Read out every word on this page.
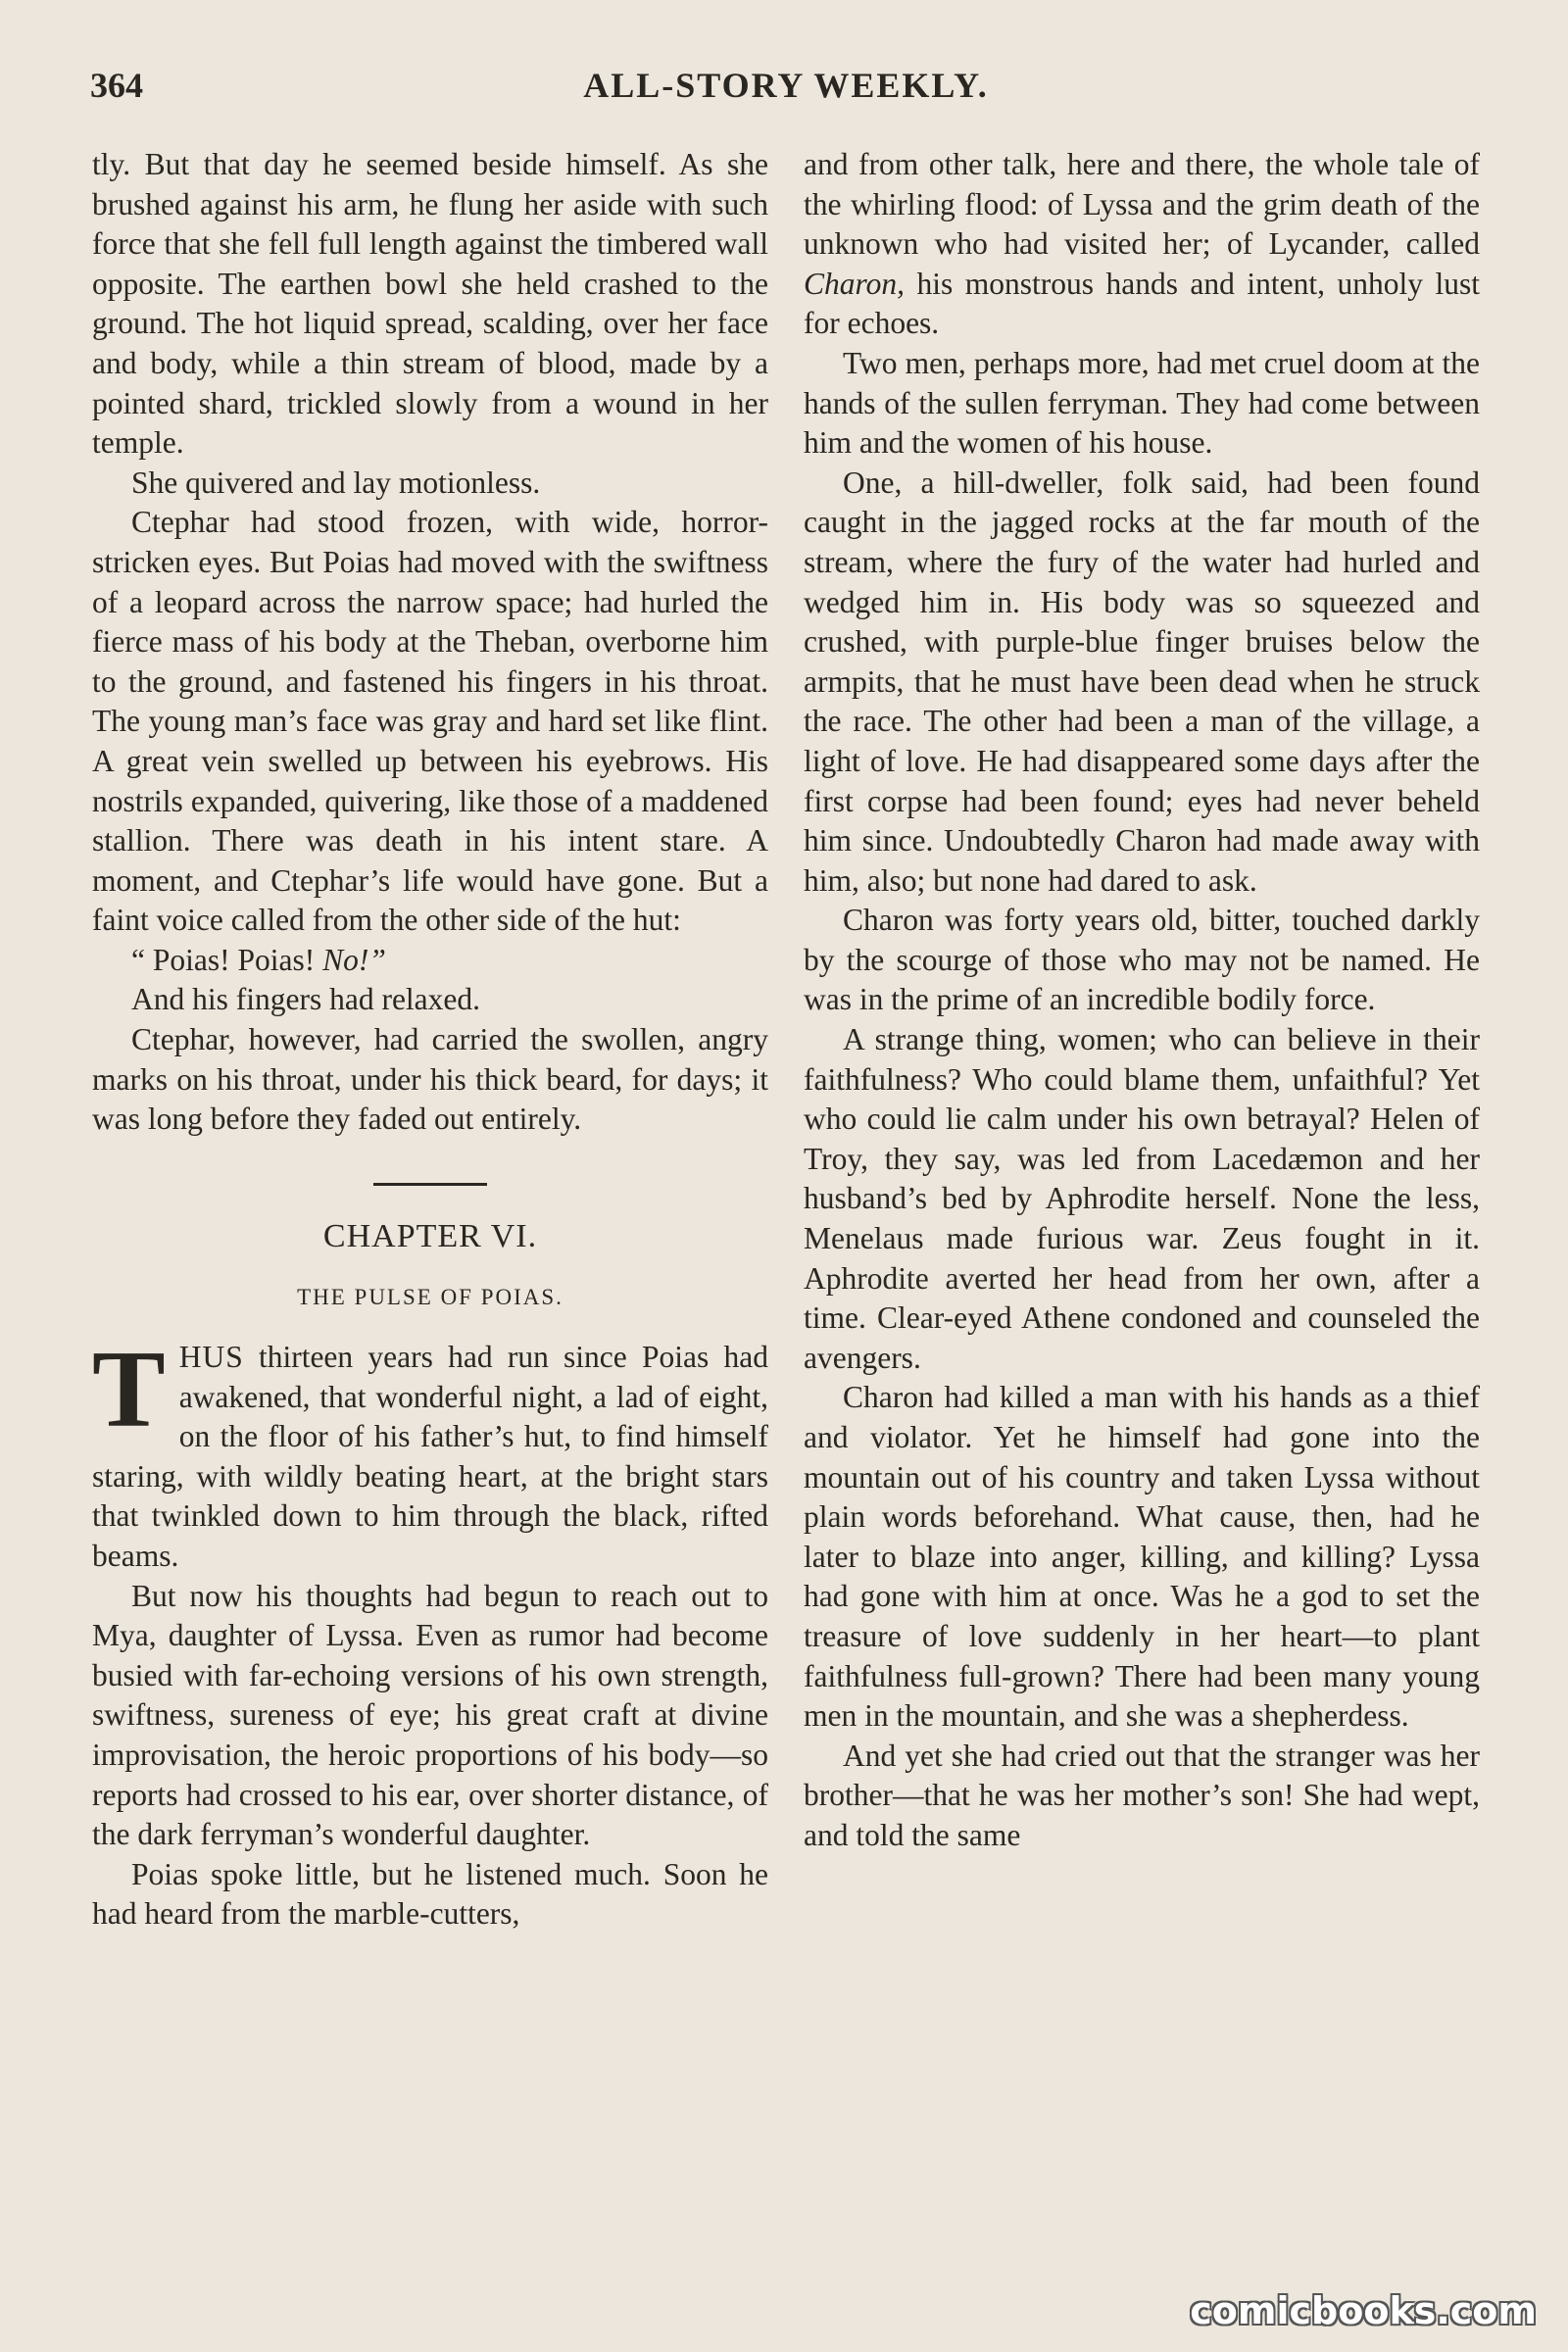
364	ALL-STORY WEEKLY.

tly. But that day he seemed beside himself. As she brushed against his arm, he flung her aside with such force that she fell full length against the timbered wall opposite. The earthen bowl she held crashed to the ground. The hot liquid spread, scalding, over her face and body, while a thin stream of blood, made by a pointed shard, trickled slowly from a wound in her temple.

She quivered and lay motionless.

Ctephar had stood frozen, with wide, horror-stricken eyes. But Poias had moved with the swiftness of a leopard across the narrow space; had hurled the fierce mass of his body at the Theban, overborne him to the ground, and fastened his fingers in his throat. The young man’s face was gray and hard set like flint. A great vein swelled up between his eyebrows. His nostrils expanded, quivering, like those of a maddened stallion. There was death in his intent stare. A moment, and Ctephar’s life would have gone. But a faint voice called from the other side of the hut:

“ Poias! Poias! No!”

And his fingers had relaxed.

Ctephar, however, had carried the swollen, angry marks on his throat, under his thick beard, for days; it was long before they faded out entirely.

CHAPTER VI.
THE PULSE OF POIAS.

THUS thirteen years had run since Poias had awakened, that wonderful night, a lad of eight, on the floor of his father’s hut, to find himself staring, with wildly beating heart, at the bright stars that twinkled down to him through the black, rifted beams.

But now his thoughts had begun to reach out to Mya, daughter of Lyssa. Even as rumor had become busied with far-echoing versions of his own strength, swiftness, sureness of eye; his great craft at divine improvisation, the heroic proportions of his body—so reports had crossed to his ear, over shorter distance, of the dark ferryman’s wonderful daughter.

Poias spoke little, but he listened much. Soon he had heard from the marble-cutters,

and from other talk, here and there, the whole tale of the whirling flood: of Lyssa and the grim death of the unknown who had visited her; of Lycander, called Charon, his monstrous hands and intent, unholy lust for echoes.

Two men, perhaps more, had met cruel doom at the hands of the sullen ferryman. They had come between him and the women of his house.

One, a hill-dweller, folk said, had been found caught in the jagged rocks at the far mouth of the stream, where the fury of the water had hurled and wedged him in. His body was so squeezed and crushed, with purple-blue finger bruises below the armpits, that he must have been dead when he struck the race. The other had been a man of the village, a light of love. He had disappeared some days after the first corpse had been found; eyes had never beheld him since. Undoubtedly Charon had made away with him, also; but none had dared to ask.

Charon was forty years old, bitter, touched darkly by the scourge of those who may not be named. He was in the prime of an incredible bodily force.

A strange thing, women; who can believe in their faithfulness? Who could blame them, unfaithful? Yet who could lie calm under his own betrayal? Helen of Troy, they say, was led from Lacedæmon and her husband’s bed by Aphrodite herself. None the less, Menelaus made furious war. Zeus fought in it. Aphrodite averted her head from her own, after a time. Clear-eyed Athene condoned and counseled the avengers.

Charon had killed a man with his hands as a thief and violator. Yet he himself had gone into the mountain out of his country and taken Lyssa without plain words beforehand. What cause, then, had he later to blaze into anger, killing, and killing? Lyssa had gone with him at once. Was he a god to set the treasure of love suddenly in her heart—to plant faithfulness full-grown? There had been many young men in the mountain, and she was a shepherdess.

And yet she had cried out that the stranger was her brother—that he was her mother’s son! She had wept, and told the same

comicbooks.com
